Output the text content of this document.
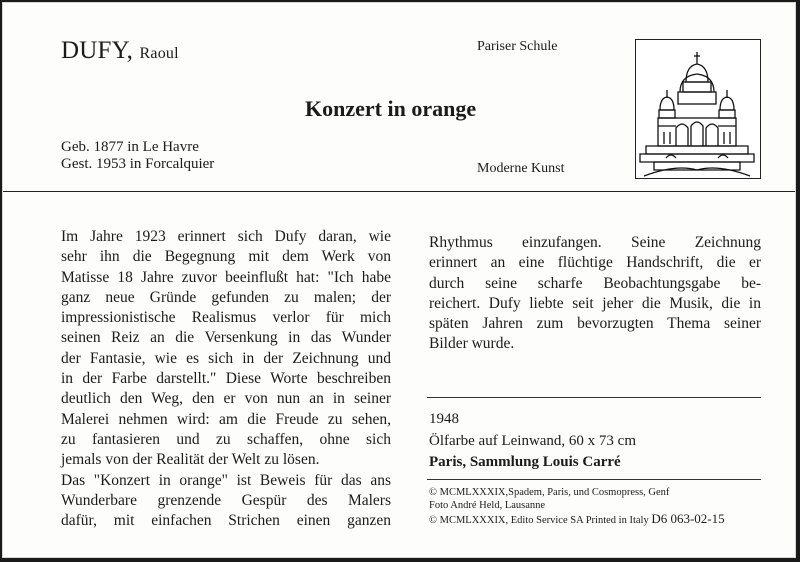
DUFY, Raoul	Pariser Schule
Konzert in orange
Geb. 1877 in Le Havre
Gest. 1953 in Forcalquier	Moderne Kunst
Im Jahre 1923 erinnert sich Dufy daran, wie
sehr ihn die Begegnung mit dem Werk von
Matisse 18 Jahre zuvor beeinflußt hat: "Ich habe
ganz neue Gründe gefunden zu malen; der
impressionistische Realismus verlor für mich
seinen Reiz an die Versenkung in das Wunder
der Fantasie, wie es sich in der Zeichnung und
in der Farbe darstellt." Diese Worte beschreiben
deutlich den Weg, den er von nun an in seiner
Malerei nehmen wird: am die Freude zu sehen,
zu fantasieren und zu schaffen, ohne sich
jemals von der Realität der Welt zu lösen.
Das "Konzert in orange" ist Beweis für das ans
Wunderbare grenzende Gespür des Malers
dafür, mit einfachen Strichen einen ganzen
Rhythmus einzufangen. Seine Zeichnung
erinnert an eine flüchtige Handschrift, die er
durch seine scharfe Beobachtungsgabe be-
reichert. Dufy liebte seit jeher die Musik, die in
späten Jahren zum bevorzugten Thema seiner
Bilder wurde.
1948
Ölfarbe auf Leinwand, 60 x 73 cm
Paris, Sammlung Louis Carré
© MCMLXXXIX,Spadem, Paris, und Cosmopress, Genf
Foto André Held, Lausanne
© MCMLXXXIX, Edito Service SA Printed in Italy D6 063-02-15
